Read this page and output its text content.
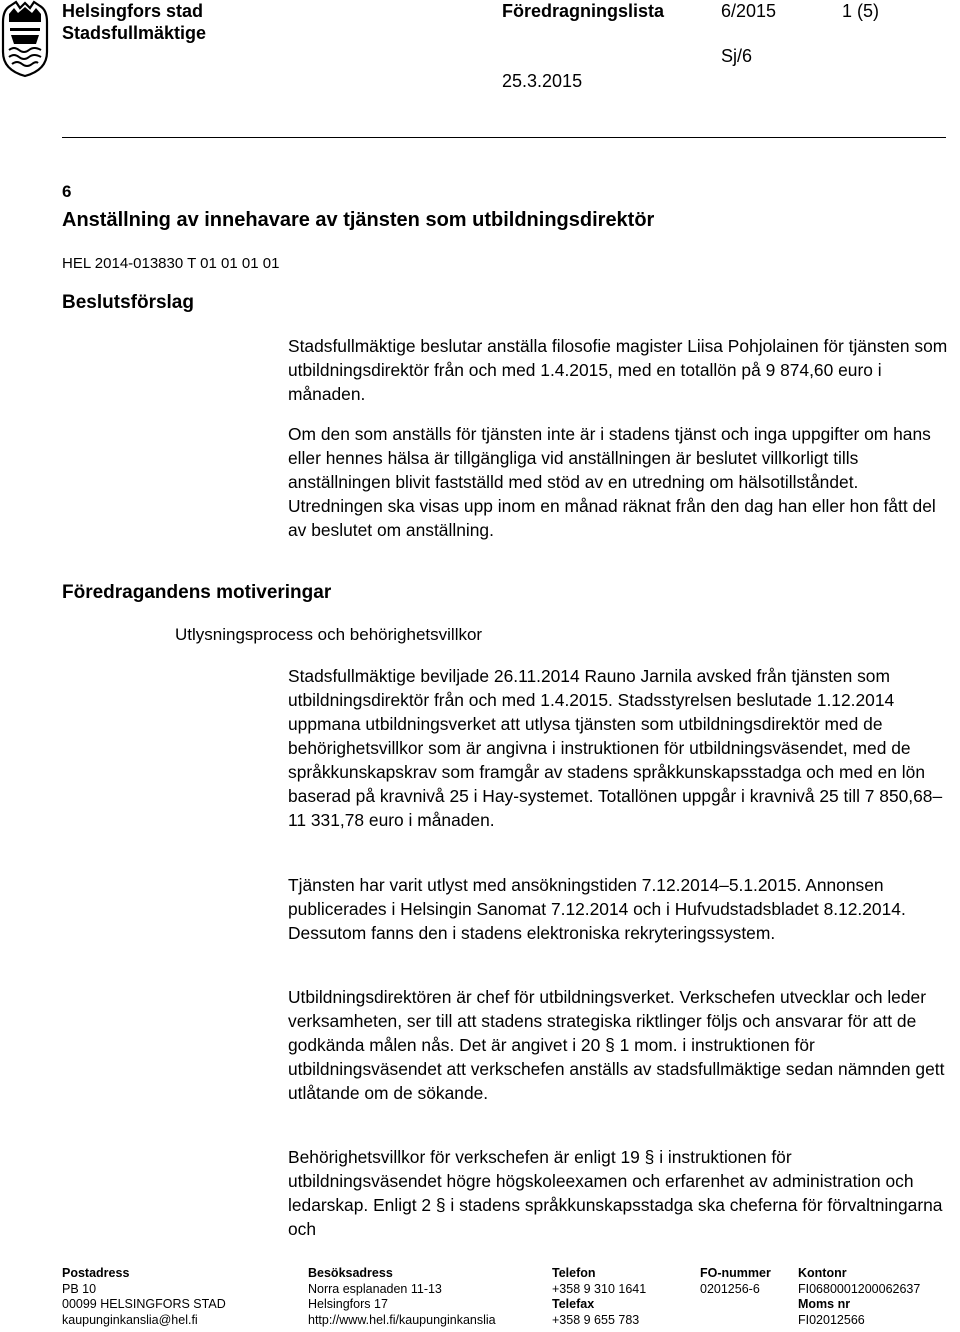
Helsingfors stad
Stadsfullmäktige
Föredragningslista	6/2015	1 (5)
Sj/6
25.3.2015
6
Anställning av innehavare av tjänsten som utbildningsdirektör
HEL 2014-013830 T 01 01 01 01
Beslutsförslag
Föredragandens motiveringar
Utlysningsprocess och behörighetsvillkor

Stadsfullmäktige beslutar anställa filosofie magister Liisa Pohjolainen för tjänsten som utbildningsdirektör från och med 1.4.2015, med en totallön på 9 874,60 euro i månaden.

Om den som anställs för tjänsten inte är i stadens tjänst och inga uppgifter om hans eller hennes hälsa är tillgängliga vid anställningen är beslutet villkorligt tills anställningen blivit fastställd med stöd av en utredning om hälsotillståndet. Utredningen ska visas upp inom en månad räknat från den dag han eller hon fått del av beslutet om anställning.

Stadsfullmäktige beviljade 26.11.2014 Rauno Jarnila avsked från tjänsten som utbildningsdirektör från och med 1.4.2015. Stadsstyrelsen beslutade 1.12.2014 uppmana utbildningsverket att utlysa tjänsten som utbildningsdirektör med de behörighetsvillkor som är angivna i instruktionen för utbildningsväsendet, med de språkkunskapskrav som framgår av stadens språkkunskapsstadga och med en lön baserad på kravnivå 25 i Hay-systemet. Totallönen uppgår i kravnivå 25 till 7 850,68–11 331,78 euro i månaden.

Tjänsten har varit utlyst med ansökningstiden 7.12.2014–5.1.2015. Annonsen publicerades i Helsingin Sanomat 7.12.2014 och i Hufvudstadsbladet 8.12.2014. Dessutom fanns den i stadens elektroniska rekryteringssystem.

Utbildningsdirektören är chef för utbildningsverket. Verkschefen utvecklar och leder verksamheten, ser till att stadens strategiska riktlinger följs och ansvarar för att de godkända målen nås. Det är angivet i 20 § 1 mom. i instruktionen för utbildningsväsendet att verkschefen anställs av stadsfullmäktige sedan nämnden gett utlåtande om de sökande.

Behörighetsvillkor för verkschefen är enligt 19 § i instruktionen för utbildningsväsendet högre högskoleexamen och erfarenhet av administration och ledarskap. Enligt 2 § i stadens språkkunskapsstadga ska cheferna för förvaltningarna och

Postadress
PB 10
00099 HELSINGFORS STAD
kaupunginkanslia@hel.fi
Besöksadress
Norra esplanaden 11-13
Helsingfors 17
http://www.hel.fi/kaupunginkanslia
Telefon
+358 9 310 1641
Telefax
+358 9 655 783
FO-nummer
0201256-6
Kontonr
FI0680001200062637
Moms nr
FI02012566
